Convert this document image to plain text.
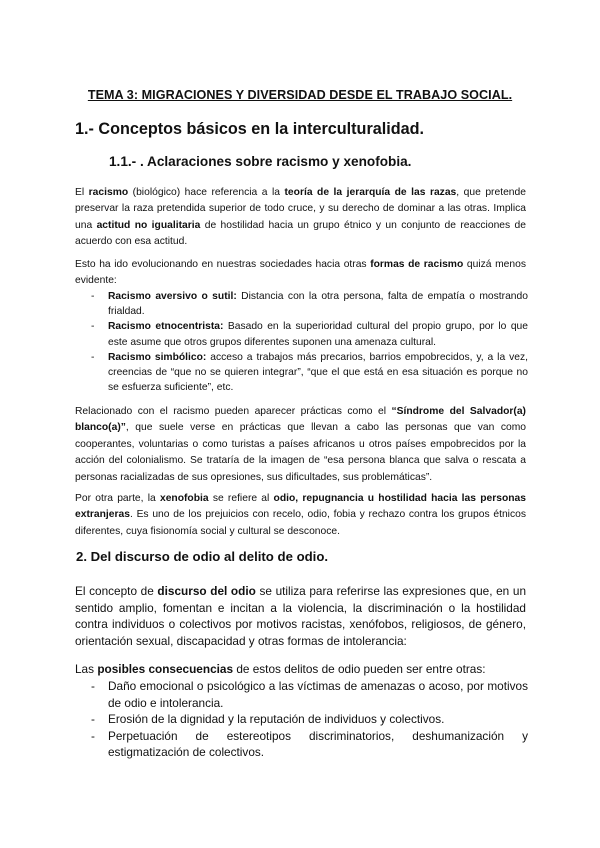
TEMA 3: MIGRACIONES Y DIVERSIDAD DESDE EL TRABAJO SOCIAL.
1.- Conceptos básicos en la interculturalidad.
1.1.- . Aclaraciones sobre racismo y xenofobia.

El racismo (biológico) hace referencia a la teoría de la jerarquía de las razas, que pretende preservar la raza pretendida superior de todo cruce, y su derecho de dominar a las otras. Implica una actitud no igualitaria de hostilidad hacia un grupo étnico y un conjunto de reacciones de acuerdo con esa actitud.

Esto ha ido evolucionando en nuestras sociedades hacia otras formas de racismo quizá menos evidente:

- Racismo aversivo o sutil: Distancia con la otra persona, falta de empatía o mostrando frialdad.
- Racismo etnocentrista: Basado en la superioridad cultural del propio grupo, por lo que este asume que otros grupos diferentes suponen una amenaza cultural.
- Racismo simbólico: acceso a trabajos más precarios, barrios empobrecidos, y, a la vez, creencias de “que no se quieren integrar”, “que el que está en esa situación es porque no se esfuerza suficiente”, etc.

Relacionado con el racismo pueden aparecer prácticas como el “Síndrome del Salvador(a) blanco(a)”, que suele verse en prácticas que llevan a cabo las personas que van como cooperantes, voluntarias o como turistas a países africanos u otros países empobrecidos por la acción del colonialismo. Se trataría de la imagen de “esa persona blanca que salva o rescata a personas racializadas de sus opresiones, sus dificultades, sus problemáticas”.

Por otra parte, la xenofobia se refiere al odio, repugnancia u hostilidad hacia las personas extranjeras. Es uno de los prejuicios con recelo, odio, fobia y rechazo contra los grupos étnicos diferentes, cuya fisionomía social y cultural se desconoce.

2. Del discurso de odio al delito de odio.

El concepto de discurso del odio se utiliza para referirse las expresiones que, en un sentido amplio, fomentan e incitan a la violencia, la discriminación o la hostilidad contra individuos o colectivos por motivos racistas, xenófobos, religiosos, de género, orientación sexual, discapacidad y otras formas de intolerancia:

Las posibles consecuencias de estos delitos de odio pueden ser entre otras:

- Daño emocional o psicológico a las víctimas de amenazas o acoso, por motivos de odio e intolerancia.
- Erosión de la dignidad y la reputación de individuos y colectivos.
- Perpetuación de estereotipos discriminatorios, deshumanización y estigmatización de colectivos.
